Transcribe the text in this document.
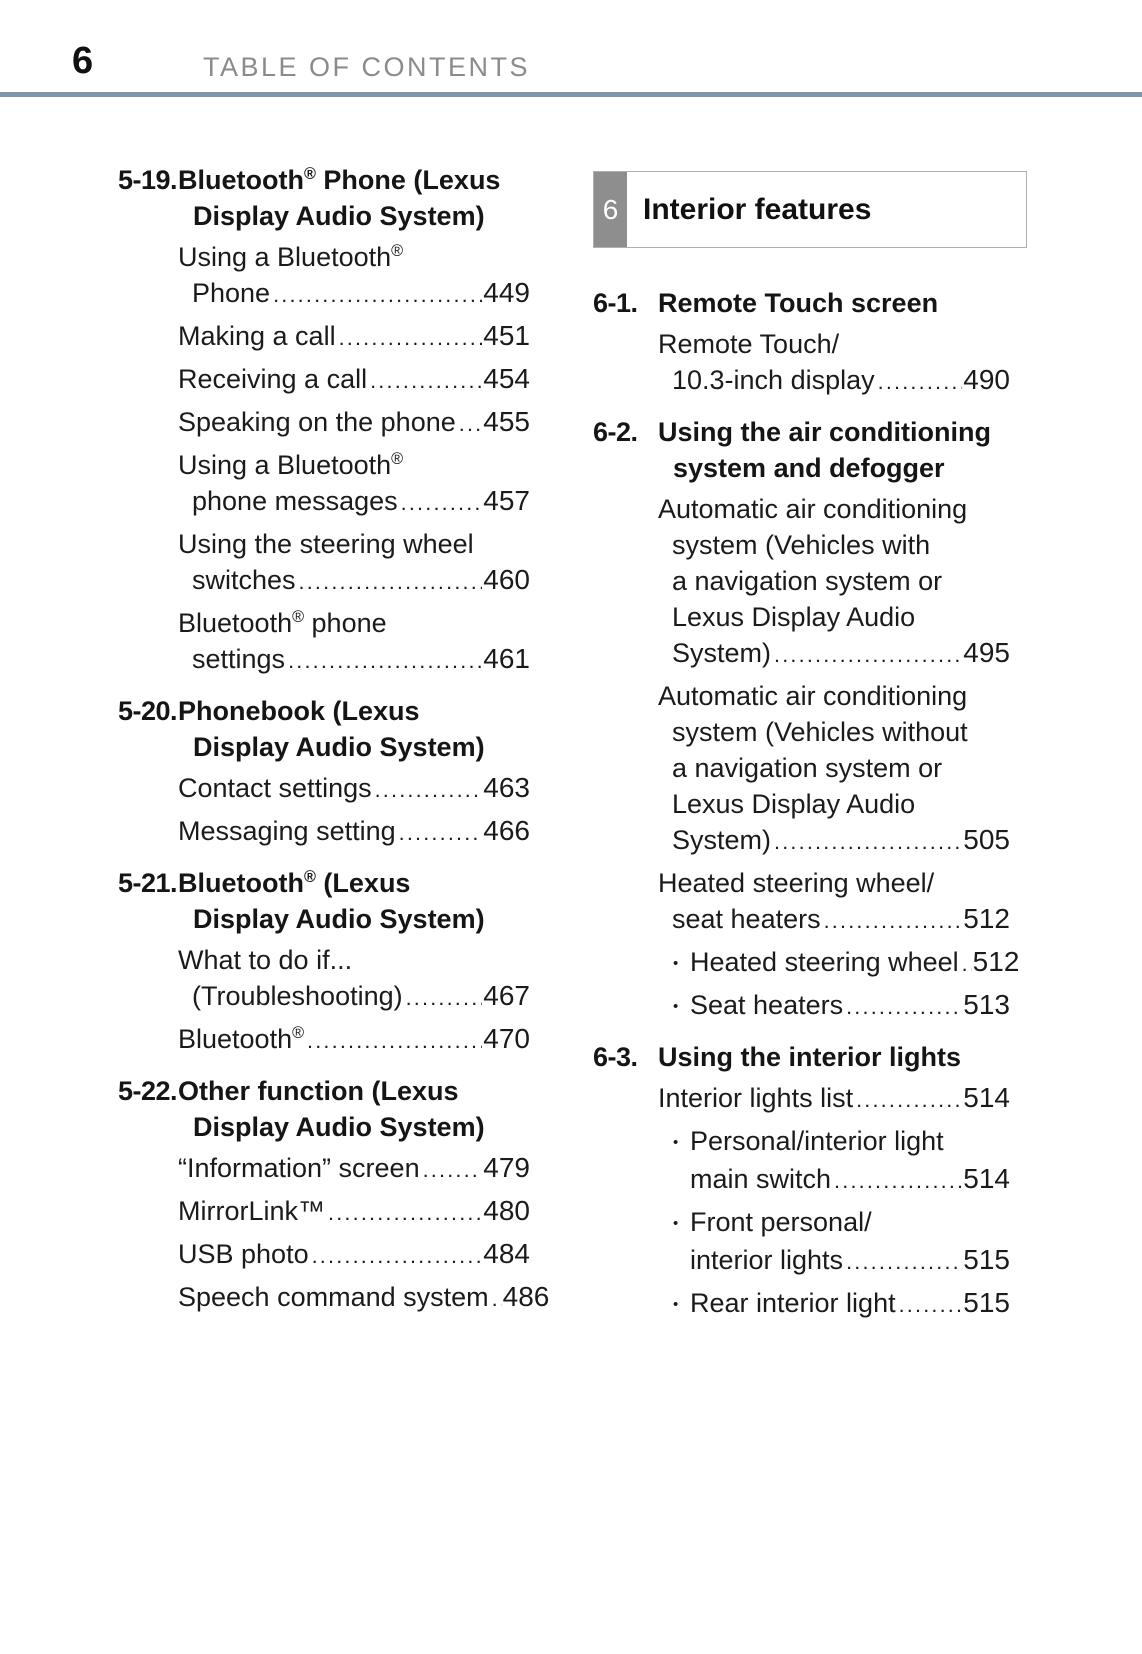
6	TABLE OF CONTENTS
5-19. Bluetooth® Phone (Lexus
Display Audio System)
Using a Bluetooth®
Phone .....	449
Making a call .....	451
Receiving a call .....	454
Speaking on the phone ..... 455
Using a Bluetooth®
phone messages .....	457
Using the steering wheel
switches .....	460
Bluetooth® phone
settings .....	461
5-20. Phonebook (Lexus
Display Audio System)
Contact settings .....	463
Messaging setting .....	466
5-21. Bluetooth® (Lexus
Display Audio System)
What to do if...
(Troubleshooting) .....	467
Bluetooth® .....	470
5-22. Other function (Lexus
Display Audio System)
“Information” screen ..... 479
MirrorLink™ .....	480
USB photo .....	484
Speech command system ..... 486
6 Interior features
6-1. Remote Touch screen
Remote Touch/
10.3-inch display .....	490
6-2. Using the air conditioning
system and defogger
Automatic air conditioning
system (Vehicles with
a navigation system or
Lexus Display Audio
System) .....	495
Automatic air conditioning
system (Vehicles without
a navigation system or
Lexus Display Audio
System) .....	505
Heated steering wheel/
seat heaters .....	512
• Heated steering wheel ..... 512
• Seat heaters .....	513
6-3. Using the interior lights
Interior lights list .....	514
• Personal/interior light
main switch .....	514
• Front personal/
interior lights .....	515
• Rear interior light ..... 515
